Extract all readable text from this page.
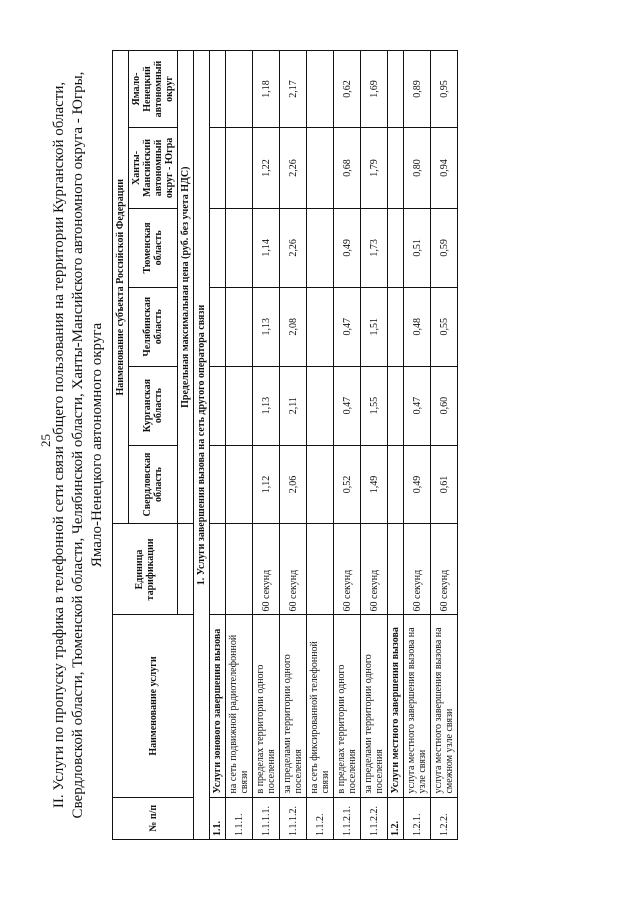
25
II. Услуги по пропуску трафика в телефонной сети связи общего пользования на территории Курганской области, Свердловской области, Тюменской области, Челябинской области, Ханты-Мансийского автономного округа - Югры, Ямало-Ненецкого автономного округа
№ п/п	Наименование услуги	Единица тарификации	Наименование субъекта Российской Федерации					
			Свердловская область	Курганская область	Челябинская область	Тюменская область	Ханты-Мансийский автономный округ - Югра	Ямало-Ненецкий автономный округ
			Предельная максимальная цена (руб. без учета НДС)					
1. Услуги завершения вызова на сеть другого оператора связи								
1.1.	Услуги зонового завершения вызова							
1.1.1.	на сеть подвижной радиотелефонной связи							
1.1.1.1.	в пределах территории одного поселения	60 секунд	1,12	1,13	1,13	1,14	1,22	1,18
1.1.1.2.	за пределами территории одного поселения	60 секунд	2,06	2,11	2,08	2,26	2,26	2,17
1.1.2.	на сеть фиксированной телефонной связи							
1.1.2.1.	в пределах территории одного поселения	60 секунд	0,52	0,47	0,47	0,49	0,68	0,62
1.1.2.2.	за пределами территории одного поселения	60 секунд	1,49	1,55	1,51	1,73	1,79	1,69
1.2.	Услуги местного завершения вызова							
1.2.1.	услуга местного завершения вызова на узле связи	60 секунд	0,49	0,47	0,48	0,51	0,80	0,89
1.2.2.	услуга местного завершения вызова на смежном узле связи	60 секунд	0,61	0,60	0,55	0,59	0,94	0,95
